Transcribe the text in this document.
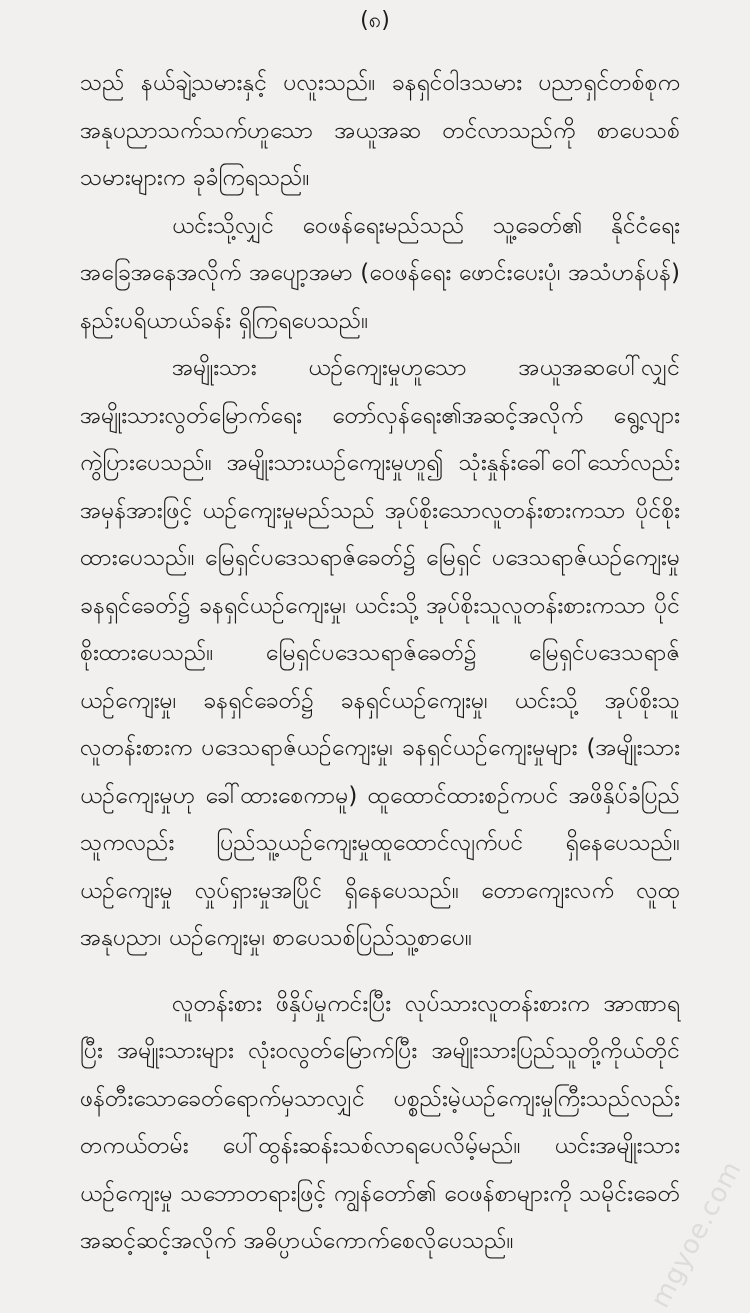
(၈)

သည် နယ်ချဲ့သမားနှင့် ပလူးသည်။ ခနရှင်ဝါဒသမား ပညာရှင်တစ်စုက အနုပညာသက်သက်ဟူသော အယူအဆ တင်လာသည်ကို စာပေသစ်သမားများက ခုခံကြရသည်။

ယင်းသို့လျှင် ဝေဖန်ရေးမည်သည် သူ့ခေတ်၏ နိုင်ငံရေးအခြေအနေအလိုက် အပျော့အမာ (ဝေဖန်ရေး ဖောင်းပေးပုံ၊ အသံဟန်ပန်) နည်းပရိယာယ်ခန်း ရှိကြရပေသည်။

အမျိုးသား ယဉ်ကျေးမှုဟူသော အယူအဆပေါ်လျှင် အမျိုးသားလွတ်မြောက်ရေး တော်လှန်ရေး၏အဆင့်အလိုက် ရွေ့လျားကွဲပြားပေသည်။ အမျိုးသားယဉ်ကျေးမှုဟူ၍ သုံးနှုန်းခေါ်ဝေါ်သော်လည်း အမှန်အားဖြင့် ယဉ်ကျေးမှုမည်သည် အုပ်စိုးသောလူတန်းစားကသာ ပိုင်စိုးထားပေသည်။ မြေရှင်ပဒေသရာဇ်ခေတ်၌ မြေရှင် ပဒေသရာဇ်ယဉ်ကျေးမှု ခနရှင်ခေတ်၌ ခနရှင်ယဉ်ကျေးမှု၊ ယင်းသို့ အုပ်စိုးသူလူတန်းစားကသာ ပိုင်စိုးထားပေသည်။ မြေရှင်ပဒေသရာဇ်ခေတ်၌ မြေရှင်ပဒေသရာဇ် ယဉ်ကျေးမှု၊ ခနရှင်ခေတ်၌ ခနရှင်ယဉ်ကျေးမှု၊ ယင်းသို့ အုပ်စိုးသူလူတန်းစားက ပဒေသရာဇ်ယဉ်ကျေးမှု၊ ခနရှင်ယဉ်ကျေးမှုများ (အမျိုးသားယဉ်ကျေးမှုဟု ခေါ်ထားစေကာမူ) ထူထောင်ထားစဉ်ကပင် အဖိနှိပ်ခံပြည်သူကလည်း ပြည်သူ့ယဉ်ကျေးမှုထူထောင်လျက်ပင် ရှိနေပေသည်။ ယဉ်ကျေးမှု လှုပ်ရှားမှုအပြိုင် ရှိနေပေသည်။ တောကျေးလက် လူထု အနုပညာ၊ ယဉ်ကျေးမှု၊ စာပေသစ်ပြည်သူ့စာပေ။

လူတန်းစား ဖိနှိပ်မှုကင်းပြီး လုပ်သားလူတန်းစားက အာဏာရပြီး အမျိုးသားများ လုံးဝလွတ်မြောက်ပြီး အမျိုးသားပြည်သူတို့ကိုယ်တိုင် ဖန်တီးသောခေတ်ရောက်မှသာလျှင် ပစ္စည်းမဲ့ယဉ်ကျေးမှုကြီးသည်လည်း တကယ်တမ်း ပေါ်ထွန်းဆန်းသစ်လာရပေလိမ့်မည်။ ယင်းအမျိုးသားယဉ်ကျေးမှု သဘောတရားဖြင့် ကျွန်တော်၏ ဝေဖန်စာများကို သမိုင်းခေတ်အဆင့်ဆင့်အလိုက် အဓိပ္ပာယ်ကောက်စေလိုပေသည်။	mgyoe.com
